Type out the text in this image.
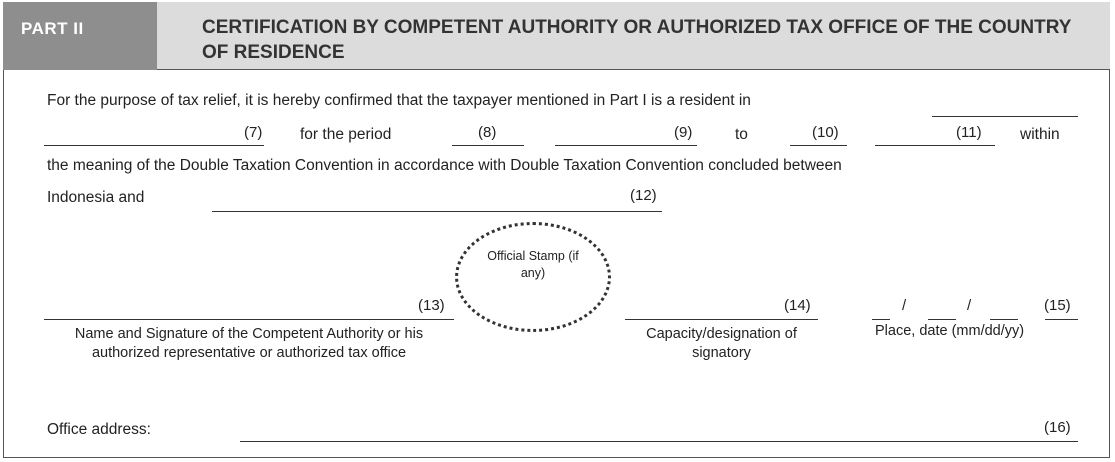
PART II	CERTIFICATION BY COMPETENT AUTHORITY OR AUTHORIZED TAX OFFICE OF THE COUNTRY OF RESIDENCE
For the purpose of tax relief, it is hereby confirmed that the taxpayer mentioned in Part I is a resident in
(7) for the period	(8)	(9)	to	(10)	(11) within
the meaning of the Double Taxation Convention in accordance with Double Taxation Convention concluded between
Indonesia and	(12)
Official Stamp (if any)
(13)
Name and Signature of the Competent Authority or his authorized representative or authorized tax office
(14)
Capacity/designation of signatory
/	/	(15)
Place, date (mm/dd/yy)
Office address:	(16)
